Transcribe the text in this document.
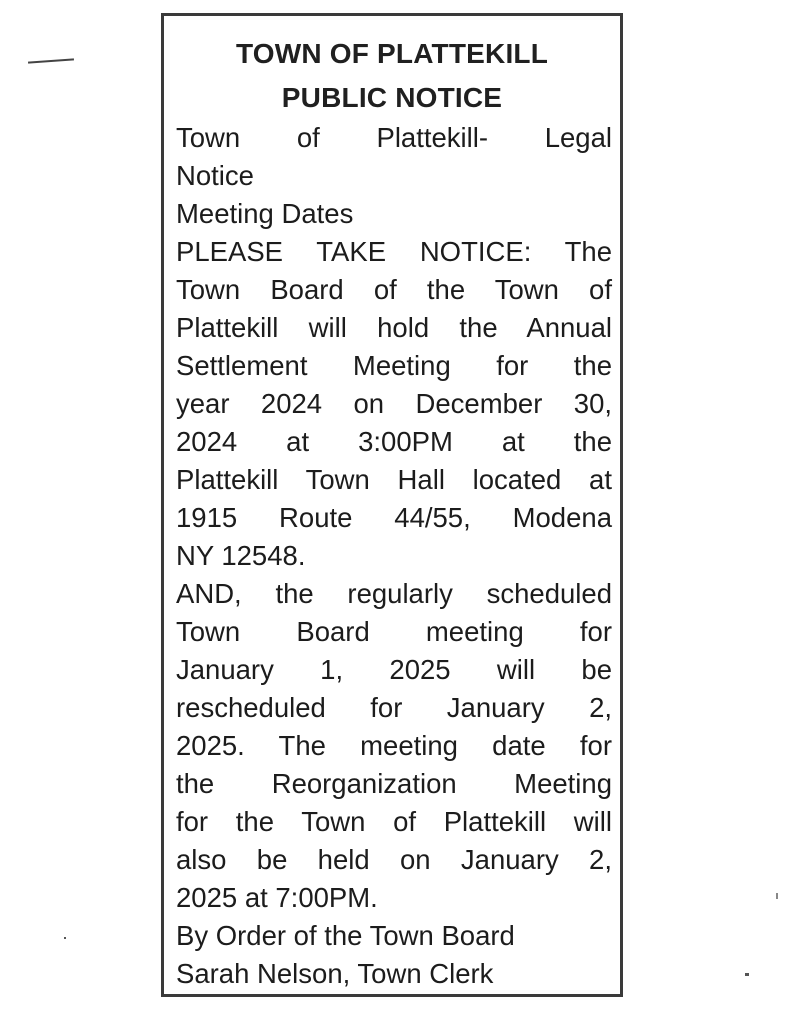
TOWN OF PLATTEKILL
PUBLIC NOTICE
Town of Plattekill- Legal
Notice
Meeting Dates
PLEASE TAKE NOTICE: The
Town Board of the Town of
Plattekill will hold the Annual
Settlement Meeting for the
year 2024 on December 30,
2024 at 3:00PM at the
Plattekill Town Hall located at
1915 Route 44/55, Modena
NY 12548.
AND, the regularly scheduled
Town Board meeting for
January 1, 2025 will be
rescheduled for January 2,
2025. The meeting date for
the Reorganization Meeting
for the Town of Plattekill will
also be held on January 2,
2025 at 7:00PM.
By Order of the Town Board
Sarah Nelson, Town Clerk
